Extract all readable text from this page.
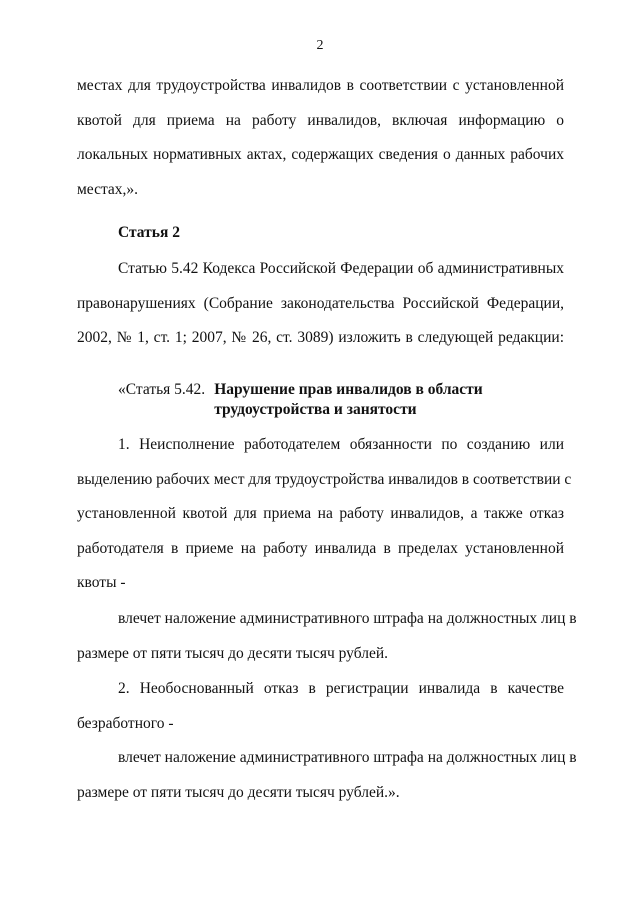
2
местах для трудоустройства инвалидов в соответствии с установленной
квотой для приема на работу инвалидов, включая информацию о
локальных нормативных актах, содержащих сведения о данных рабочих
местах,».
Статья 2
Статью 5.42 Кодекса Российской Федерации об административных
правонарушениях (Собрание законодательства Российской Федерации,
2002, № 1, ст. 1; 2007, № 26, ст. 3089) изложить в следующей редакции:
«Статья 5.42. Нарушение прав инвалидов в области
трудоустройства и занятости
1. Неисполнение работодателем обязанности по созданию или
выделению рабочих мест для трудоустройства инвалидов в соответствии с
установленной квотой для приема на работу инвалидов, а также отказ
работодателя в приеме на работу инвалида в пределах установленной
квоты -
влечет наложение административного штрафа на должностных лиц в
размере от пяти тысяч до десяти тысяч рублей.
2. Необоснованный отказ в регистрации инвалида в качестве
безработного -
влечет наложение административного штрафа на должностных лиц в
размере от пяти тысяч до десяти тысяч рублей.».
